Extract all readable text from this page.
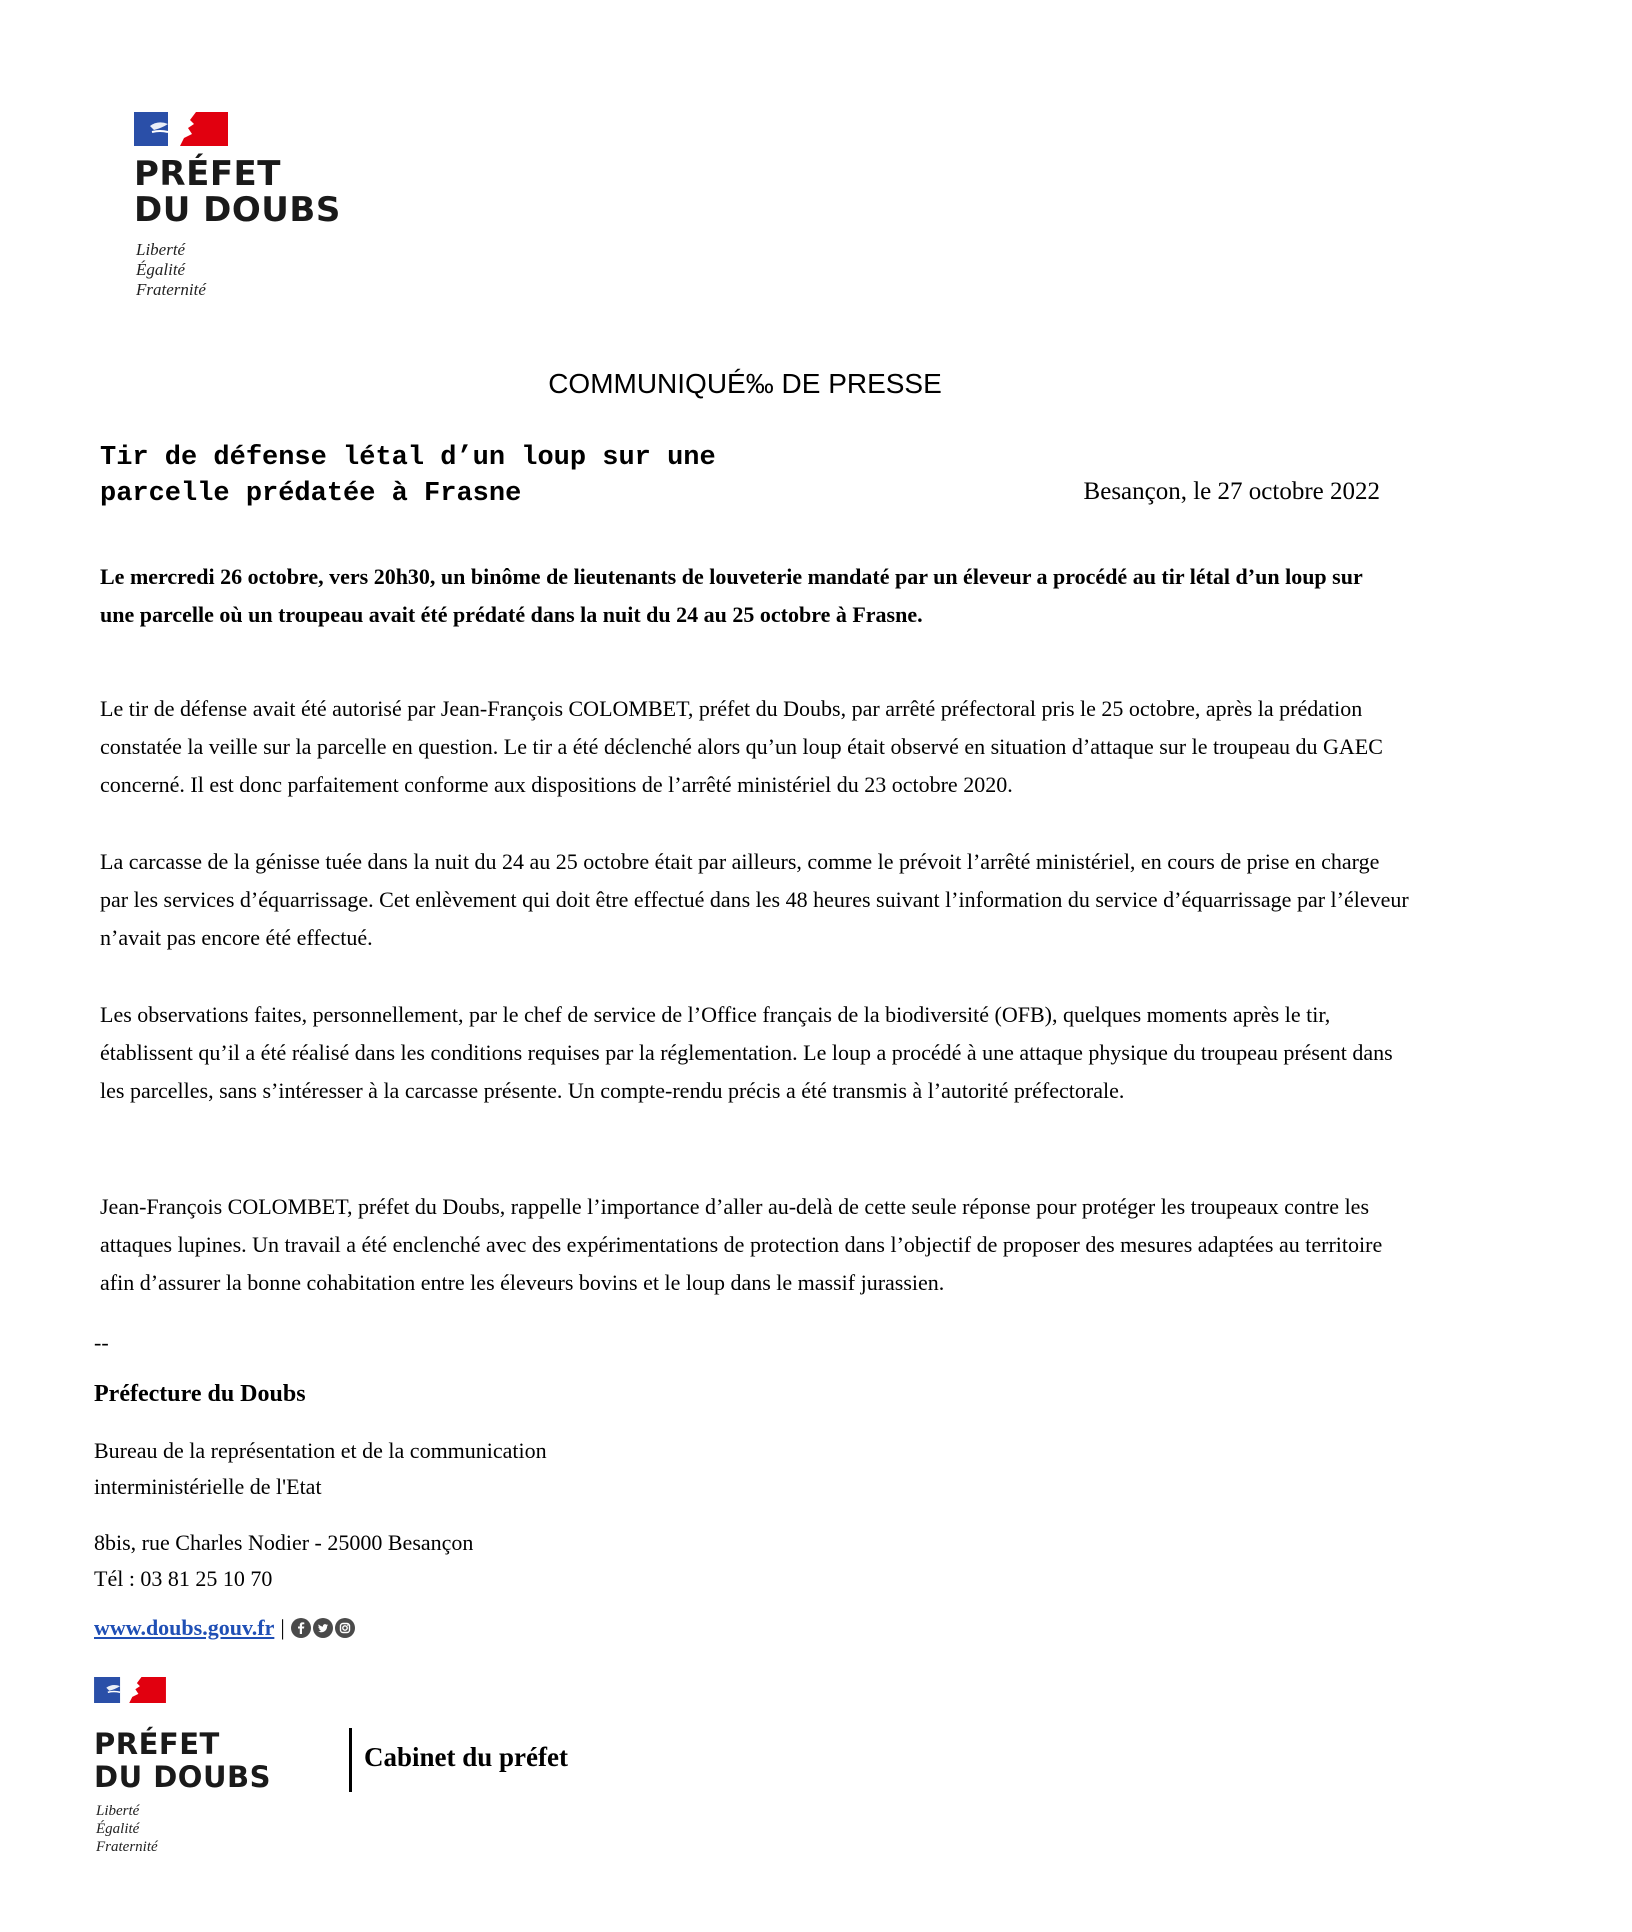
PRÉFET
DU DOUBS
Liberté
Égalité
Fraternité
COMMUNIQUÉ‰ DE PRESSE
Tir de défense létal d’un loup sur une
parcelle prédatée à Frasne	Besançon, le 27 octobre 2022
Le mercredi 26 octobre, vers 20h30, un binôme de lieutenants de louveterie mandaté par un éleveur a procédé au tir létal d’un loup sur une parcelle où un troupeau avait été prédaté dans la nuit du 24 au 25 octobre à Frasne.
Le tir de défense avait été autorisé par Jean-François COLOMBET, préfet du Doubs, par arrêté préfectoral pris le 25 octobre, après la prédation constatée la veille sur la parcelle en question. Le tir a été déclenché alors qu’un loup était observé en situation d’attaque sur le troupeau du GAEC concerné. Il est donc parfaitement conforme aux dispositions de l’arrêté ministériel du 23 octobre 2020.
La carcasse de la génisse tuée dans la nuit du 24 au 25 octobre était par ailleurs, comme le prévoit l’arrêté ministériel, en cours de prise en charge par les services d’équarrissage. Cet enlèvement qui doit être effectué dans les 48 heures suivant l’information du service d’équarrissage par l’éleveur n’avait pas encore été effectué.
Les observations faites, personnellement, par le chef de service de l’Office français de la biodiversité (OFB), quelques moments après le tir, établissent qu’il a été réalisé dans les conditions requises par la réglementation. Le loup a procédé à une attaque physique du troupeau présent dans les parcelles, sans s’intéresser à la carcasse présente. Un compte-rendu précis a été transmis à l’autorité préfectorale.
Jean-François COLOMBET, préfet du Doubs, rappelle l’importance d’aller au-delà de cette seule réponse pour protéger les troupeaux contre les attaques lupines. Un travail a été enclenché avec des expérimentations de protection dans l’objectif de proposer des mesures adaptées au territoire afin d’assurer la bonne cohabitation entre les éleveurs bovins et le loup dans le massif jurassien.
--
Préfecture du Doubs
Bureau de la représentation et de la communication
interministérielle de l'Etat
8bis, rue Charles Nodier - 25000 Besançon
Tél : 03 81 25 10 70
www.doubs.gouv.fr |
PRÉFET
DU DOUBS
Liberté
Égalité
Fraternité
Cabinet du préfet
